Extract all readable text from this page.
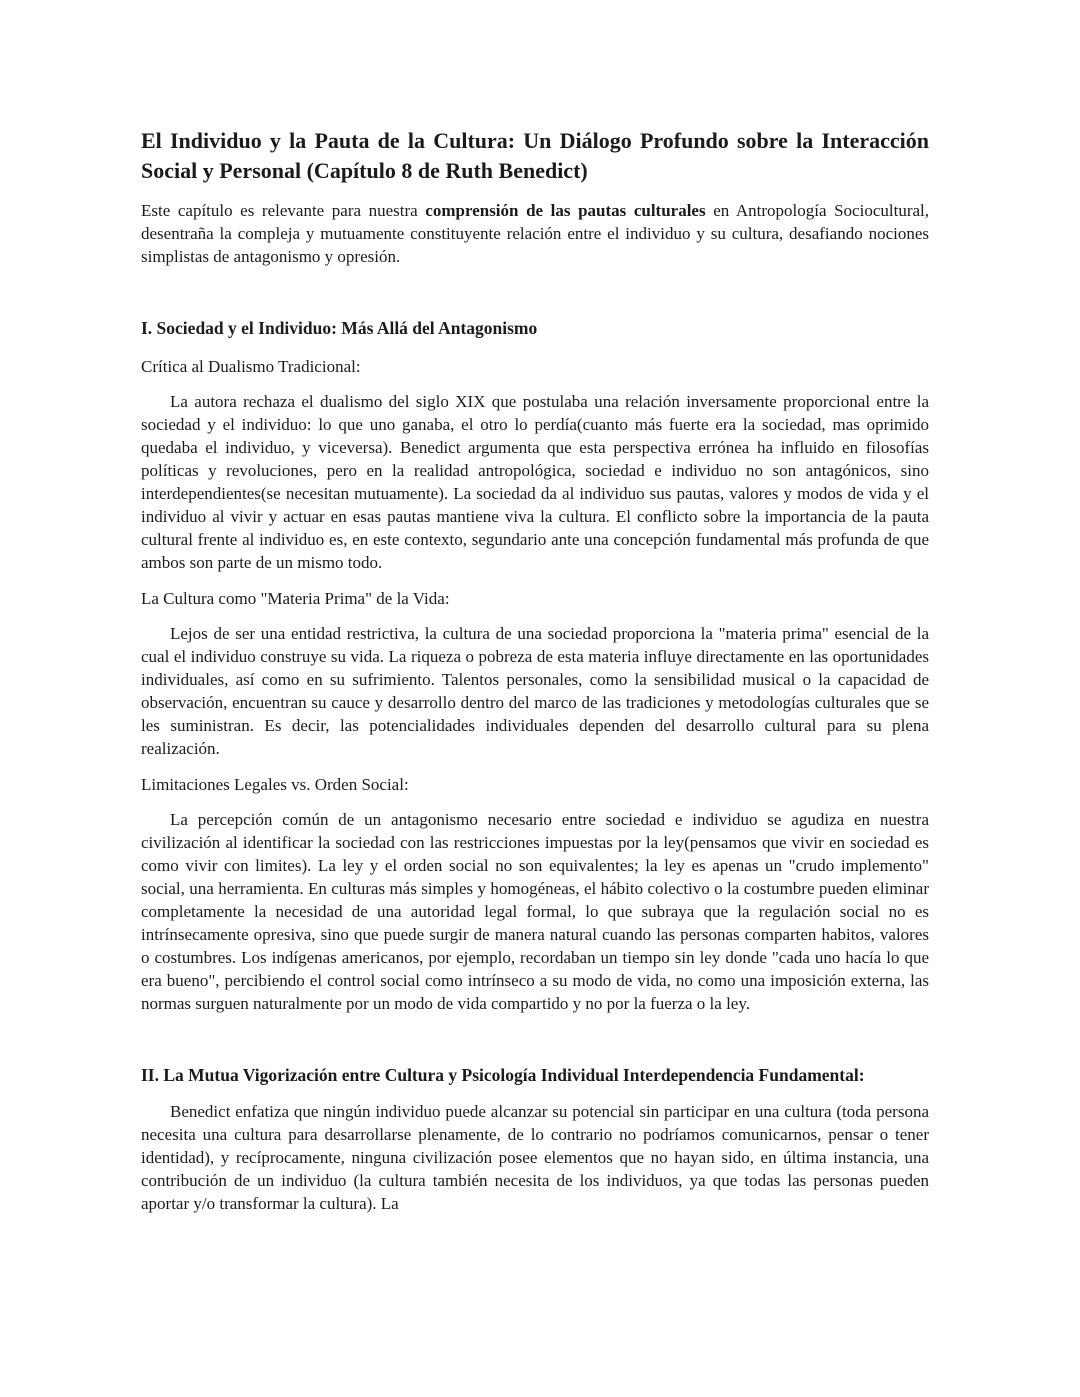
El Individuo y la Pauta de la Cultura: Un Diálogo Profundo sobre la Interacción Social y Personal (Capítulo 8 de Ruth Benedict)

Este capítulo es relevante para nuestra comprensión de las pautas culturales en Antropología Sociocultural, desentraña la compleja y mutuamente constituyente relación entre el individuo y su cultura, desafiando nociones simplistas de antagonismo y opresión.

I. Sociedad y el Individuo: Más Allá del Antagonismo

Crítica al Dualismo Tradicional:

La autora rechaza el dualismo del siglo XIX que postulaba una relación inversamente proporcional entre la sociedad y el individuo: lo que uno ganaba, el otro lo perdía(cuanto más fuerte era la sociedad, mas oprimido quedaba el individuo, y viceversa). Benedict argumenta que esta perspectiva errónea ha influido en filosofías políticas y revoluciones, pero en la realidad antropológica, sociedad e individuo no son antagónicos, sino interdependientes(se necesitan mutuamente). La sociedad da al individuo sus pautas, valores y modos de vida y el individuo al vivir y actuar en esas pautas mantiene viva la cultura. El conflicto sobre la importancia de la pauta cultural frente al individuo es, en este contexto, segundario ante una concepción fundamental más profunda de que ambos son parte de un mismo todo.

La Cultura como "Materia Prima" de la Vida:

Lejos de ser una entidad restrictiva, la cultura de una sociedad proporciona la "materia prima" esencial de la cual el individuo construye su vida. La riqueza o pobreza de esta materia influye directamente en las oportunidades individuales, así como en su sufrimiento. Talentos personales, como la sensibilidad musical o la capacidad de observación, encuentran su cauce y desarrollo dentro del marco de las tradiciones y metodologías culturales que se les suministran. Es decir, las potencialidades individuales dependen del desarrollo cultural para su plena realización.

Limitaciones Legales vs. Orden Social:

La percepción común de un antagonismo necesario entre sociedad e individuo se agudiza en nuestra civilización al identificar la sociedad con las restricciones impuestas por la ley(pensamos que vivir en sociedad es como vivir con limites). La ley y el orden social no son equivalentes; la ley es apenas un "crudo implemento" social, una herramienta. En culturas más simples y homogéneas, el hábito colectivo o la costumbre pueden eliminar completamente la necesidad de una autoridad legal formal, lo que subraya que la regulación social no es intrínsecamente opresiva, sino que puede surgir de manera natural cuando las personas comparten habitos, valores o costumbres. Los indígenas americanos, por ejemplo, recordaban un tiempo sin ley donde "cada uno hacía lo que era bueno", percibiendo el control social como intrínseco a su modo de vida, no como una imposición externa, las normas surguen naturalmente por un modo de vida compartido y no por la fuerza o la ley.

II. La Mutua Vigorización entre Cultura y Psicología Individual Interdependencia Fundamental:

Benedict enfatiza que ningún individuo puede alcanzar su potencial sin participar en una cultura (toda persona necesita una cultura para desarrollarse plenamente, de lo contrario no podríamos comunicarnos, pensar o tener identidad), y recíprocamente, ninguna civilización posee elementos que no hayan sido, en última instancia, una contribución de un individuo (la cultura también necesita de los individuos, ya que todas las personas pueden aportar y/o transformar la cultura). La
